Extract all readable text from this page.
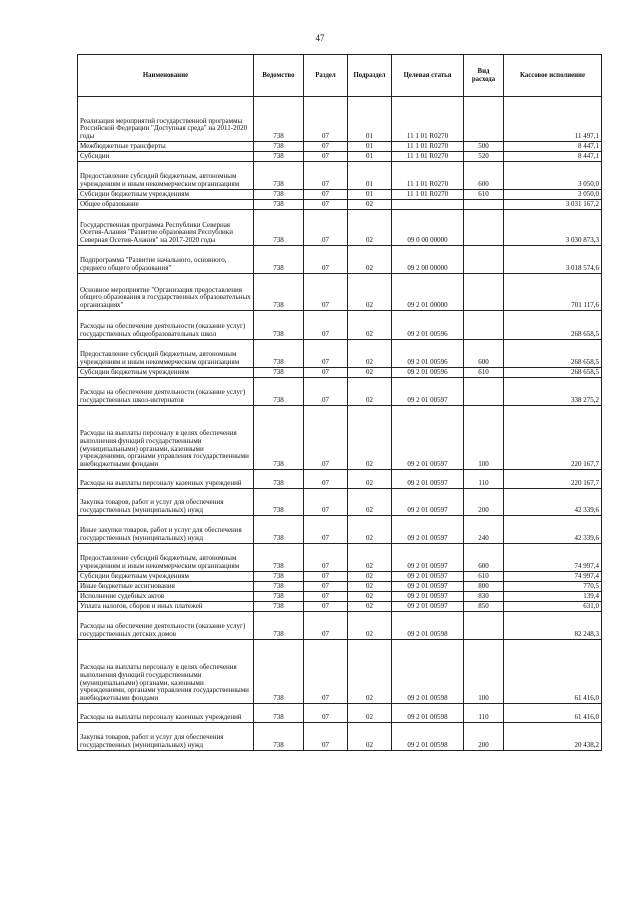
47
Наименование	Ведомство	Раздел	Подраздел	Целевая статья	Вид расхода	Кассовое исполнение
Реализация мероприятий государственной программы Российской Федерации "Доступная среда" на 2011-2020 годы	738	07	01	11 1 01 R0270		11 497,1
Межбюджетные трансферты	738	07	01	11 1 01 R0270	500	8 447,1
Субсидии	738	07	01	11 1 01 R0270	520	8 447,1
Предоставление субсидий бюджетным, автономным учреждениям и иным некоммерческим организациям	738	07	01	11 1 01 R0270	600	3 050,0
Субсидии бюджетным учреждениям	738	07	01	11 1 01 R0270	610	3 050,0
Общее образование	738	07	02			3 031 167,2
Государственная программа Республики Северная Осетия-Алания "Развитие образования Республики Северная Осетия-Алания" на 2017-2020 годы	738	07	02	09 0 00 00000		3 030 873,3
Подпрограмма "Развитие начального, основного, среднего общего образования"	738	07	02	09 2 00 00000		3 018 574,6
Основное мероприятие "Организация предоставления общего образования в государственных образовательных организациях"	738	07	02	09 2 01 00000		701 117,6
Расходы на обеспечение деятельности (оказание услуг) государственных общеобразовательных школ	738	07	02	09 2 01 00596		268 658,5
Предоставление субсидий бюджетным, автономным учреждениям и иным некоммерческим организациям	738	07	02	09 2 01 00596	600	268 658,5
Субсидии бюджетным учреждениям	738	07	02	09 2 01 00596	610	268 658,5
Расходы на обеспечение деятельности (оказание услуг) государственных школ-интернатов	738	07	02	09 2 01 00597		338 275,2
Расходы на выплаты персоналу в целях обеспечения выполнения функций государственными (муниципальными) органами, казенными учреждениями, органами управления государственными внебюджетными фондами	738	07	02	09 2 01 00597	100	220 167,7
Расходы на выплаты персоналу казенных учреждений	738	07	02	09 2 01 00597	110	220 167,7
Закупка товаров, работ и услуг для обеспечения государственных (муниципальных) нужд	738	07	02	09 2 01 00597	200	42 339,6
Иные закупки товаров, работ и услуг для обеспечения государственных (муниципальных) нужд	738	07	02	09 2 01 00597	240	42 339,6
Предоставление субсидий бюджетным, автономным учреждениям и иным некоммерческим организациям	738	07	02	09 2 01 00597	600	74 997,4
Субсидии бюджетным учреждениям	738	07	02	09 2 01 00597	610	74 997,4
Иные бюджетные ассигнования	738	07	02	09 2 01 00597	800	770,5
Исполнение судебных актов	738	07	02	09 2 01 00597	830	139,4
Уплата налогов, сборов и иных платежей	738	07	02	09 2 01 00597	850	631,0
Расходы на обеспечение деятельности (оказание услуг) государственных детских домов	738	07	02	09 2 01 00598		82 248,3
Расходы на выплаты персоналу в целях обеспечения выполнения функций государственными (муниципальными) органами, казенными учреждениями, органами управления государственными внебюджетными фондами	738	07	02	09 2 01 00598	100	61 416,0
Расходы на выплаты персоналу казенных учреждений	738	07	02	09 2 01 00598	110	61 416,0
Закупка товаров, работ и услуг для обеспечения государственных (муниципальных) нужд	738	07	02	09 2 01 00598	200	20 438,2
